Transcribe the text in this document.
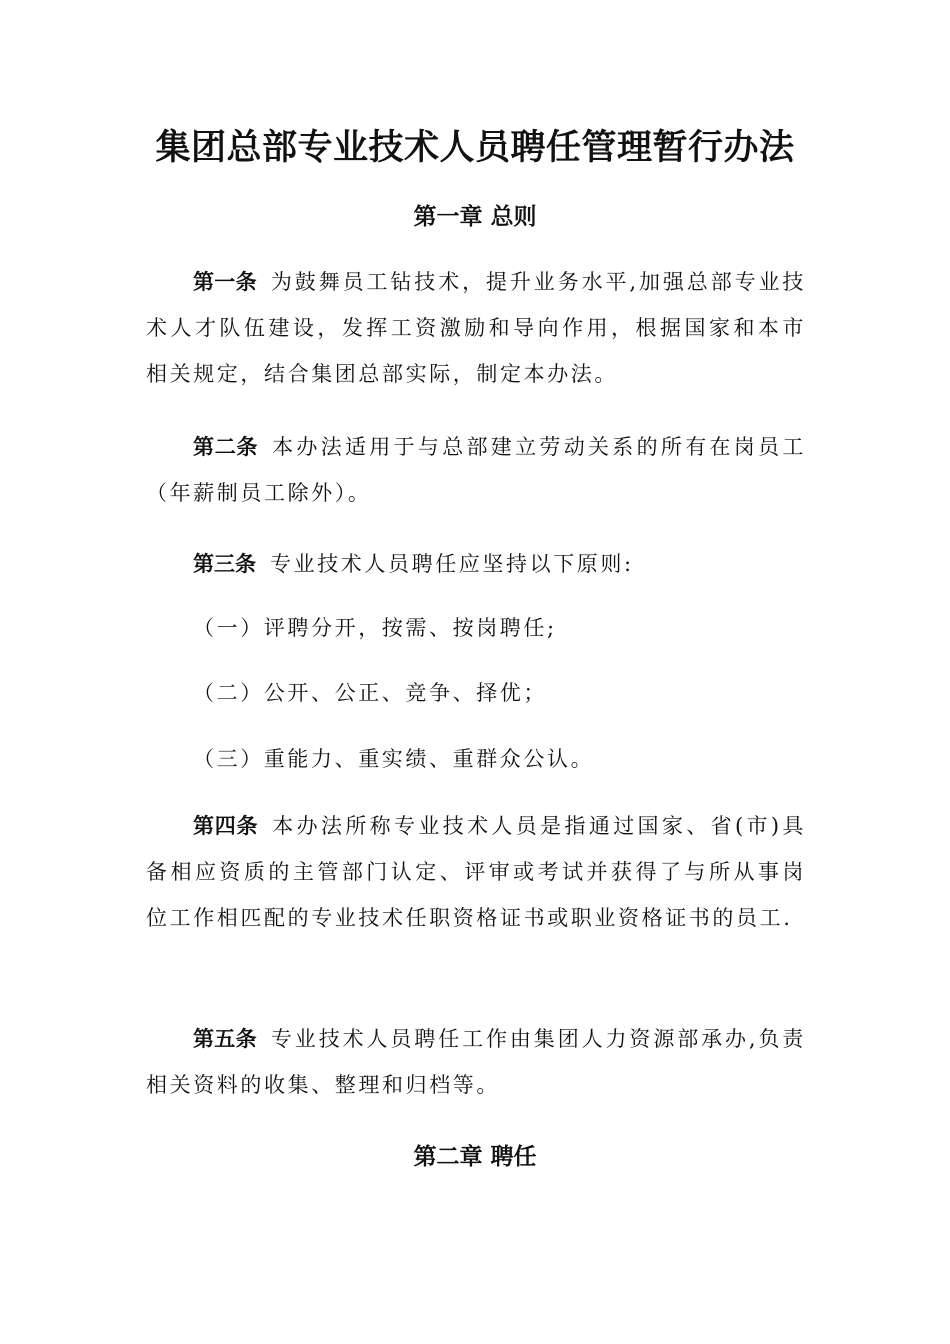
集团总部专业技术人员聘任管理暂行办法
第一章 总则

第一条 为鼓舞员工钻技术，提升业务水平,加强总部专业技术人才队伍建设，发挥工资激励和导向作用，根据国家和本市相关规定，结合集团总部实际，制定本办法。

第二条 本办法适用于与总部建立劳动关系的所有在岗员工（年薪制员工除外）。

第三条 专业技术人员聘任应坚持以下原则:

（一）评聘分开，按需、按岗聘任;

（二）公开、公正、竞争、择优；

（三）重能力、重实绩、重群众公认。

第四条 本办法所称专业技术人员是指通过国家、省(市)具备相应资质的主管部门认定、评审或考试并获得了与所从事岗位工作相匹配的专业技术任职资格证书或职业资格证书的员工.

第五条 专业技术人员聘任工作由集团人力资源部承办,负责相关资料的收集、整理和归档等。

第二章 聘任
